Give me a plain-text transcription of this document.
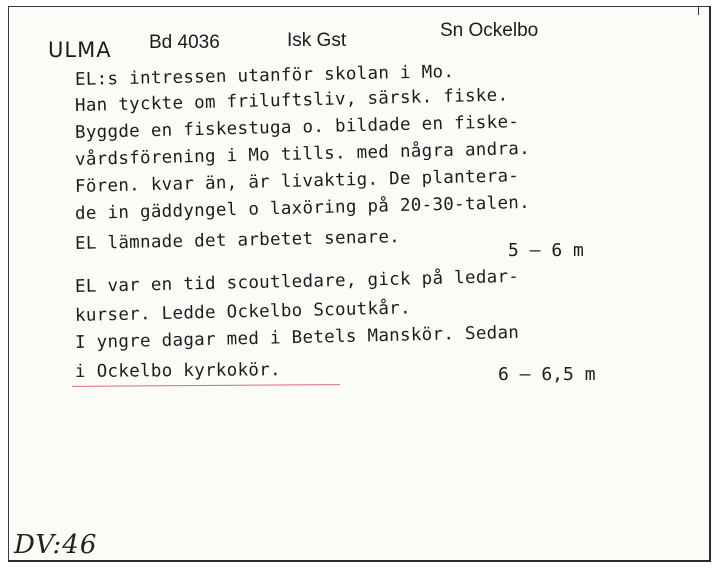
ULMA Bd 4036	Isk Gst	Sn Ockelbo
EL:s intressen utanför skolan i Mo.
Han tyckte om friluftsliv, särsk. fiske.
Byggde en fiskestuga o. bildade en fiske-
vårdsförening i Mo tills. med några andra.
Fören. kvar än, är livaktig. De plantera-
de in gäddyngel o laxöring på 20-30-talen.
EL lämnade det arbetet senare.	5 – 6 m
EL var en tid scoutledare, gick på ledar-
kurser. Ledde Ockelbo Scoutkår.
I yngre dagar med i Betels Manskör. Sedan
i Ockelbo kyrkokör.	6 – 6,5 m
DV:46
